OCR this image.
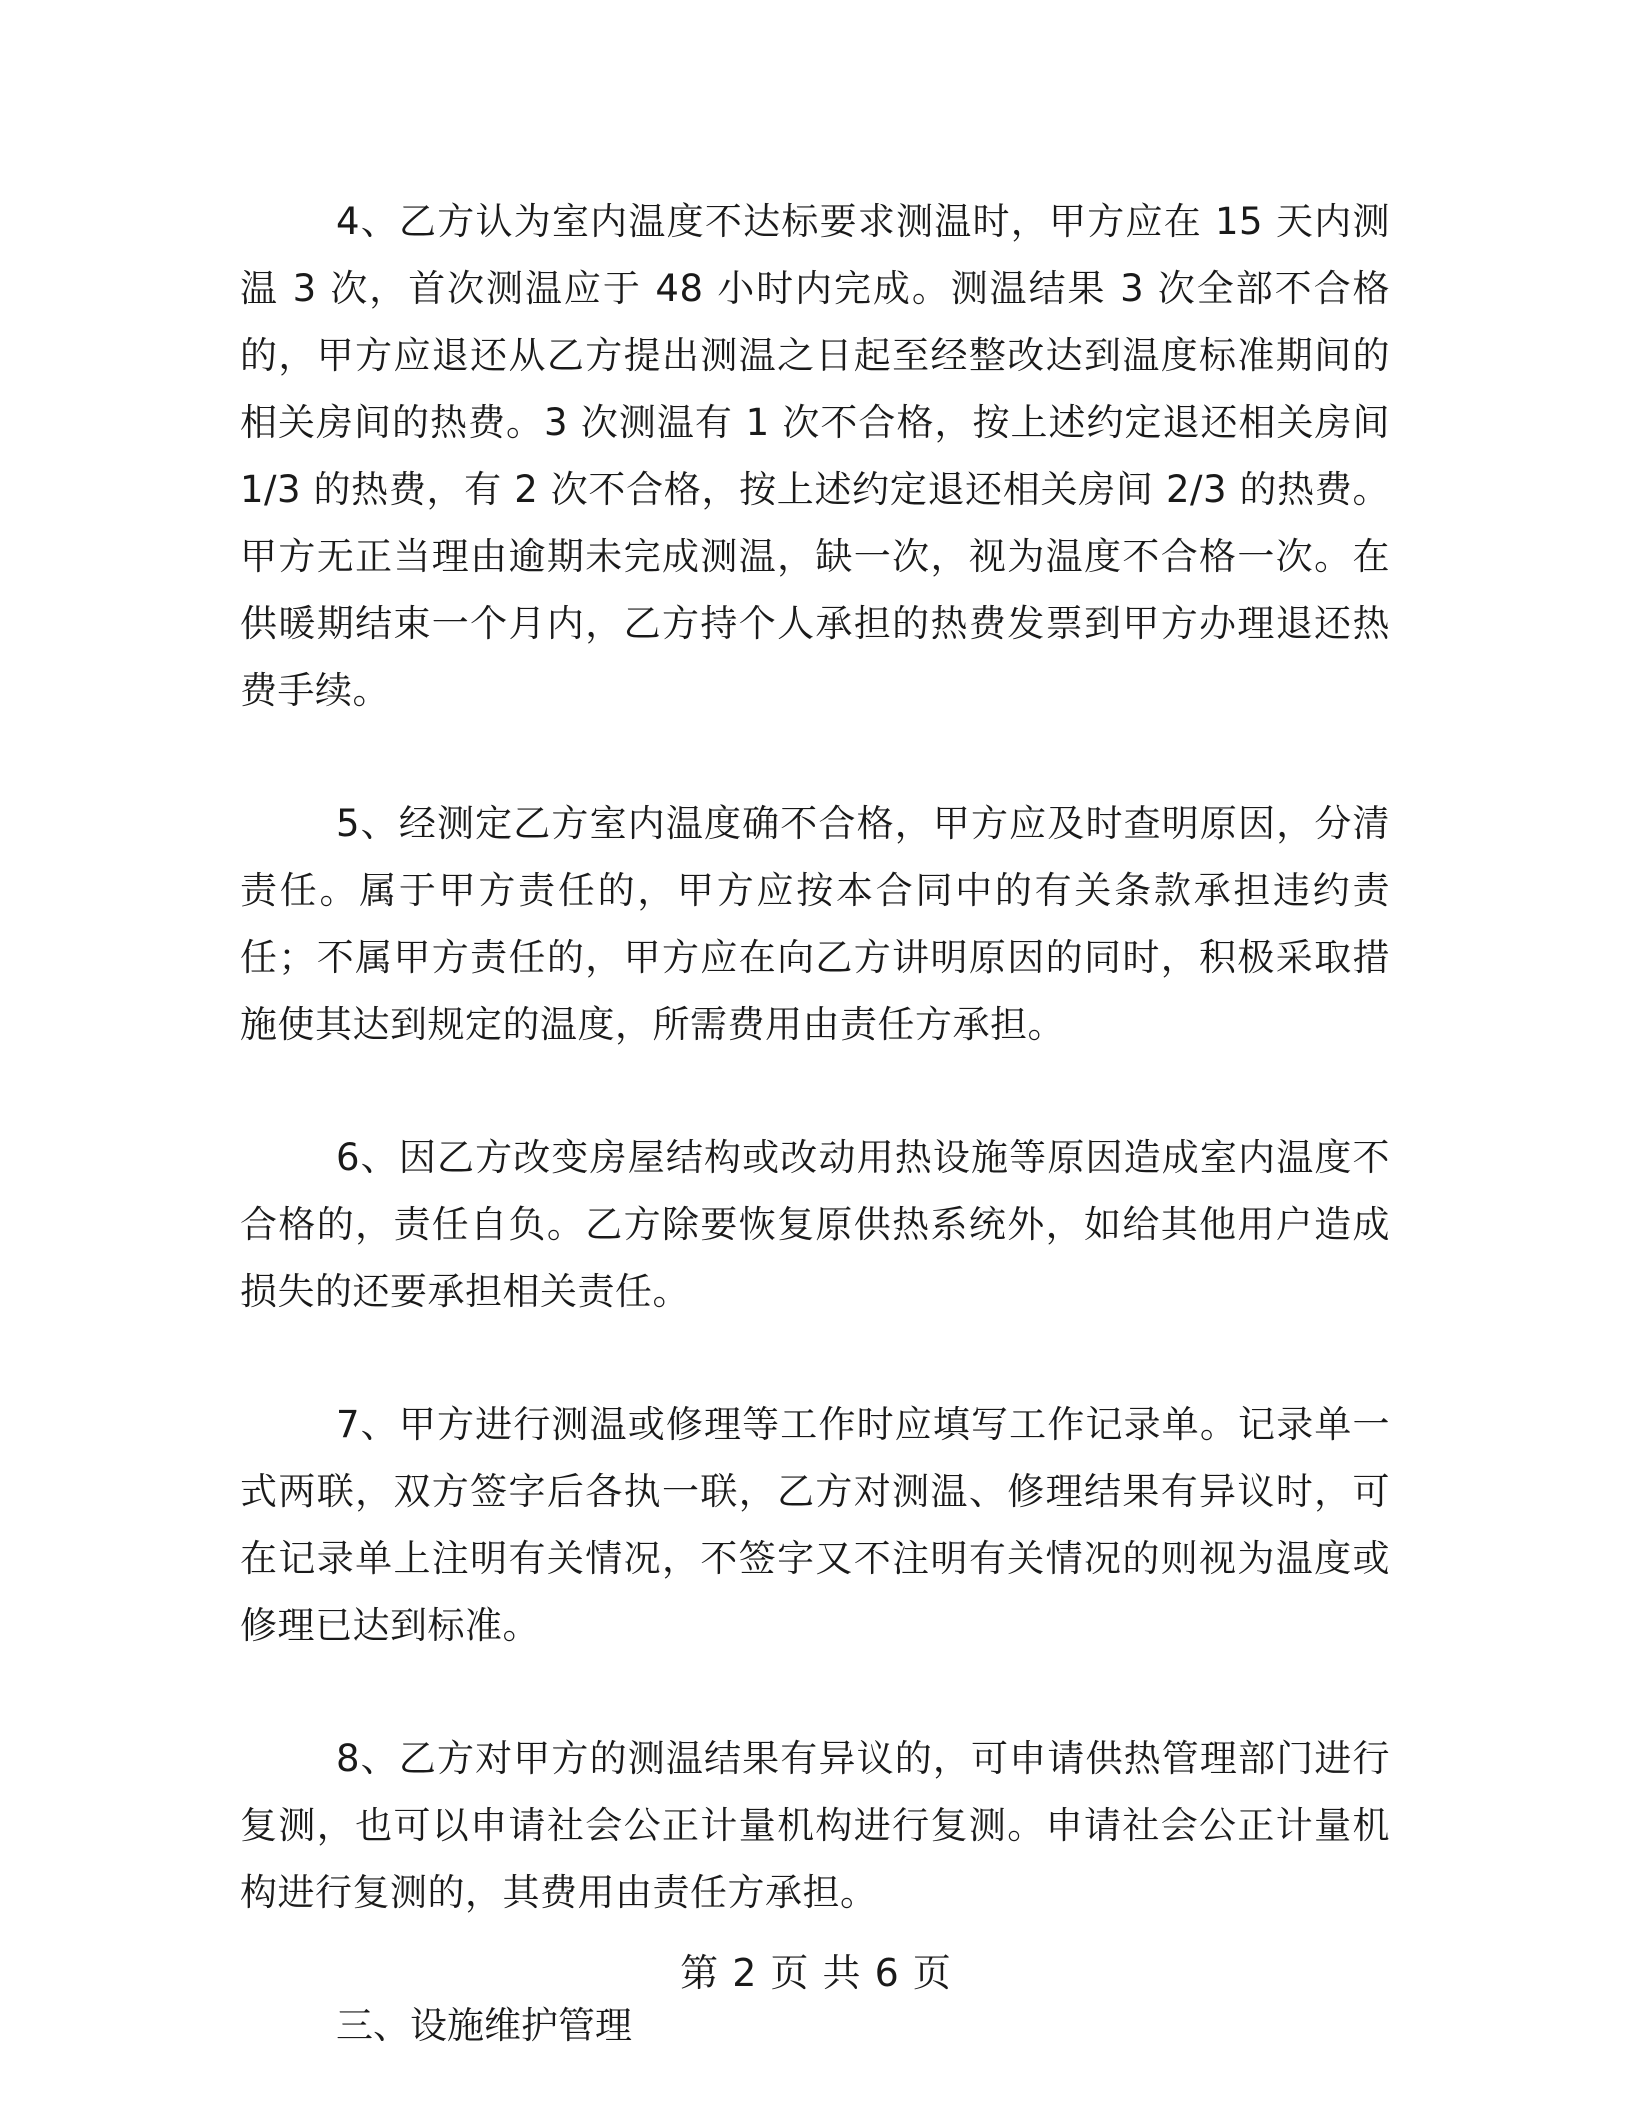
4、乙方认为室内温度不达标要求测温时，甲方应在 15 天内测温 3 次，首次测温应于 48 小时内完成。测温结果 3 次全部不合格的，甲方应退还从乙方提出测温之日起至经整改达到温度标准期间的相关房间的热费。3 次测温有 1 次不合格，按上述约定退还相关房间 1/3 的热费，有 2 次不合格，按上述约定退还相关房间 2/3 的热费。甲方无正当理由逾期未完成测温，缺一次，视为温度不合格一次。在供暖期结束一个月内，乙方持个人承担的热费发票到甲方办理退还热费手续。

5、经测定乙方室内温度确不合格，甲方应及时查明原因，分清责任。属于甲方责任的，甲方应按本合同中的有关条款承担违约责任；不属甲方责任的，甲方应在向乙方讲明原因的同时，积极采取措施使其达到规定的温度，所需费用由责任方承担。

6、因乙方改变房屋结构或改动用热设施等原因造成室内温度不合格的，责任自负。乙方除要恢复原供热系统外，如给其他用户造成损失的还要承担相关责任。

7、甲方进行测温或修理等工作时应填写工作记录单。记录单一式两联，双方签字后各执一联，乙方对测温、修理结果有异议时，可在记录单上注明有关情况，不签字又不注明有关情况的则视为温度或修理已达到标准。

8、乙方对甲方的测温结果有异议的，可申请供热管理部门进行复测，也可以申请社会公正计量机构进行复测。申请社会公正计量机构进行复测的，其费用由责任方承担。

三、设施维护管理

第 2 页 共 6 页
